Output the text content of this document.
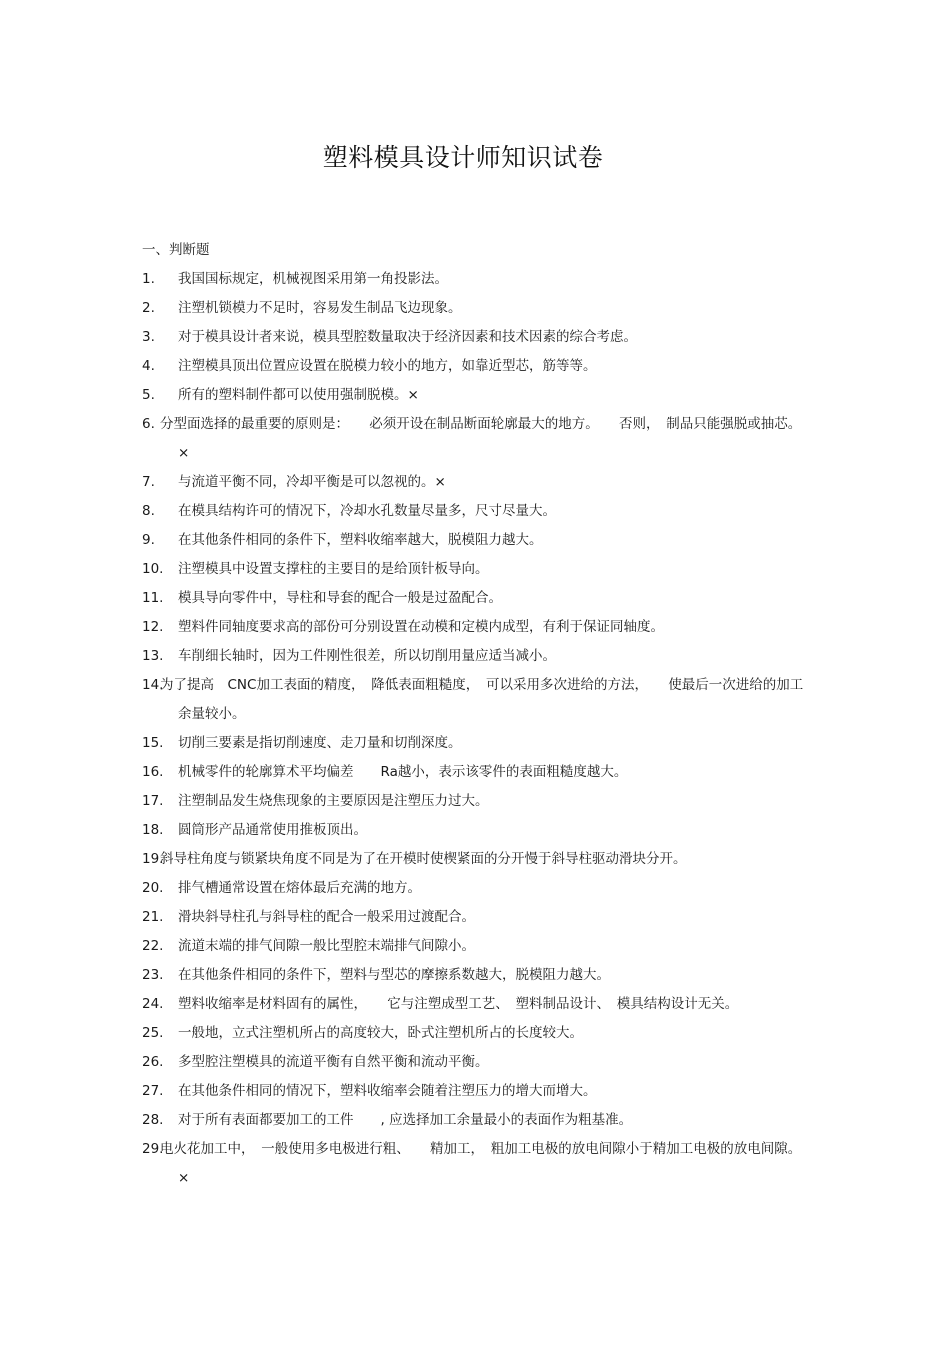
塑料模具设计师知识试卷
一、判断题
1.	我国国标规定，机械视图采用第一角投影法。
2.	注塑机锁模力不足时，容易发生制品飞边现象。
3.	对于模具设计者来说，模具型腔数量取决于经济因素和技术因素的综合考虑。
4.	注塑模具顶出位置应设置在脱模力较小的地方，如靠近型芯，筋等等。
5.	所有的塑料制件都可以使用强制脱模。×
6. 分型面选择的最重要的原则是：　　必须开设在制品断面轮廓最大的地方。　　否则，　制品只能强脱或抽芯。×
7.	与流道平衡不同，冷却平衡是可以忽视的。×
8.	在模具结构许可的情况下，冷却水孔数量尽量多，尺寸尽量大。
9.	在其他条件相同的条件下，塑料收缩率越大，脱模阻力越大。
10.	注塑模具中设置支撑柱的主要目的是给顶针板导向。
11.	模具导向零件中，导柱和导套的配合一般是过盈配合。
12.	塑料件同轴度要求高的部份可分别设置在动模和定模内成型，有利于保证同轴度。
13.	车削细长轴时，因为工件刚性很差，所以切削用量应适当减小。
14.
为了提高　CNC加工表面的精度，　降低表面粗糙度，　可以采用多次进给的方法，　　使最后一次进给的加工余量较小。
15.	切削三要素是指切削速度、走刀量和切削深度。
16.	机械零件的轮廓算术平均偏差　　Ra越小，表示该零件的表面粗糙度越大。
17.	注塑制品发生烧焦现象的主要原因是注塑压力过大。
18.	圆筒形产品通常使用推板顶出。
19.
斜导柱角度与锁紧块角度不同是为了在开模时使楔紧面的分开慢于斜导柱驱动滑块分开。
20.	排气槽通常设置在熔体最后充满的地方。
21.	滑块斜导柱孔与斜导柱的配合一般采用过渡配合。
22.	流道末端的排气间隙一般比型腔末端排气间隙小。
23.	在其他条件相同的条件下，塑料与型芯的摩擦系数越大，脱模阻力越大。
24.	塑料收缩率是材料固有的属性，　　它与注塑成型工艺、　塑料制品设计、　模具结构设计无关。
25.	一般地，立式注塑机所占的高度较大，卧式注塑机所占的长度较大。
26.	多型腔注塑模具的流道平衡有自然平衡和流动平衡。
27.	在其他条件相同的情况下，塑料收缩率会随着注塑压力的增大而增大。
28.	对于所有表面都要加工的工件　　, 应选择加工余量最小的表面作为粗基准。
29.
电火花加工中，　一般使用多电极进行粗、　　精加工，　粗加工电极的放电间隙小于精加工电极的放电间隙。×
